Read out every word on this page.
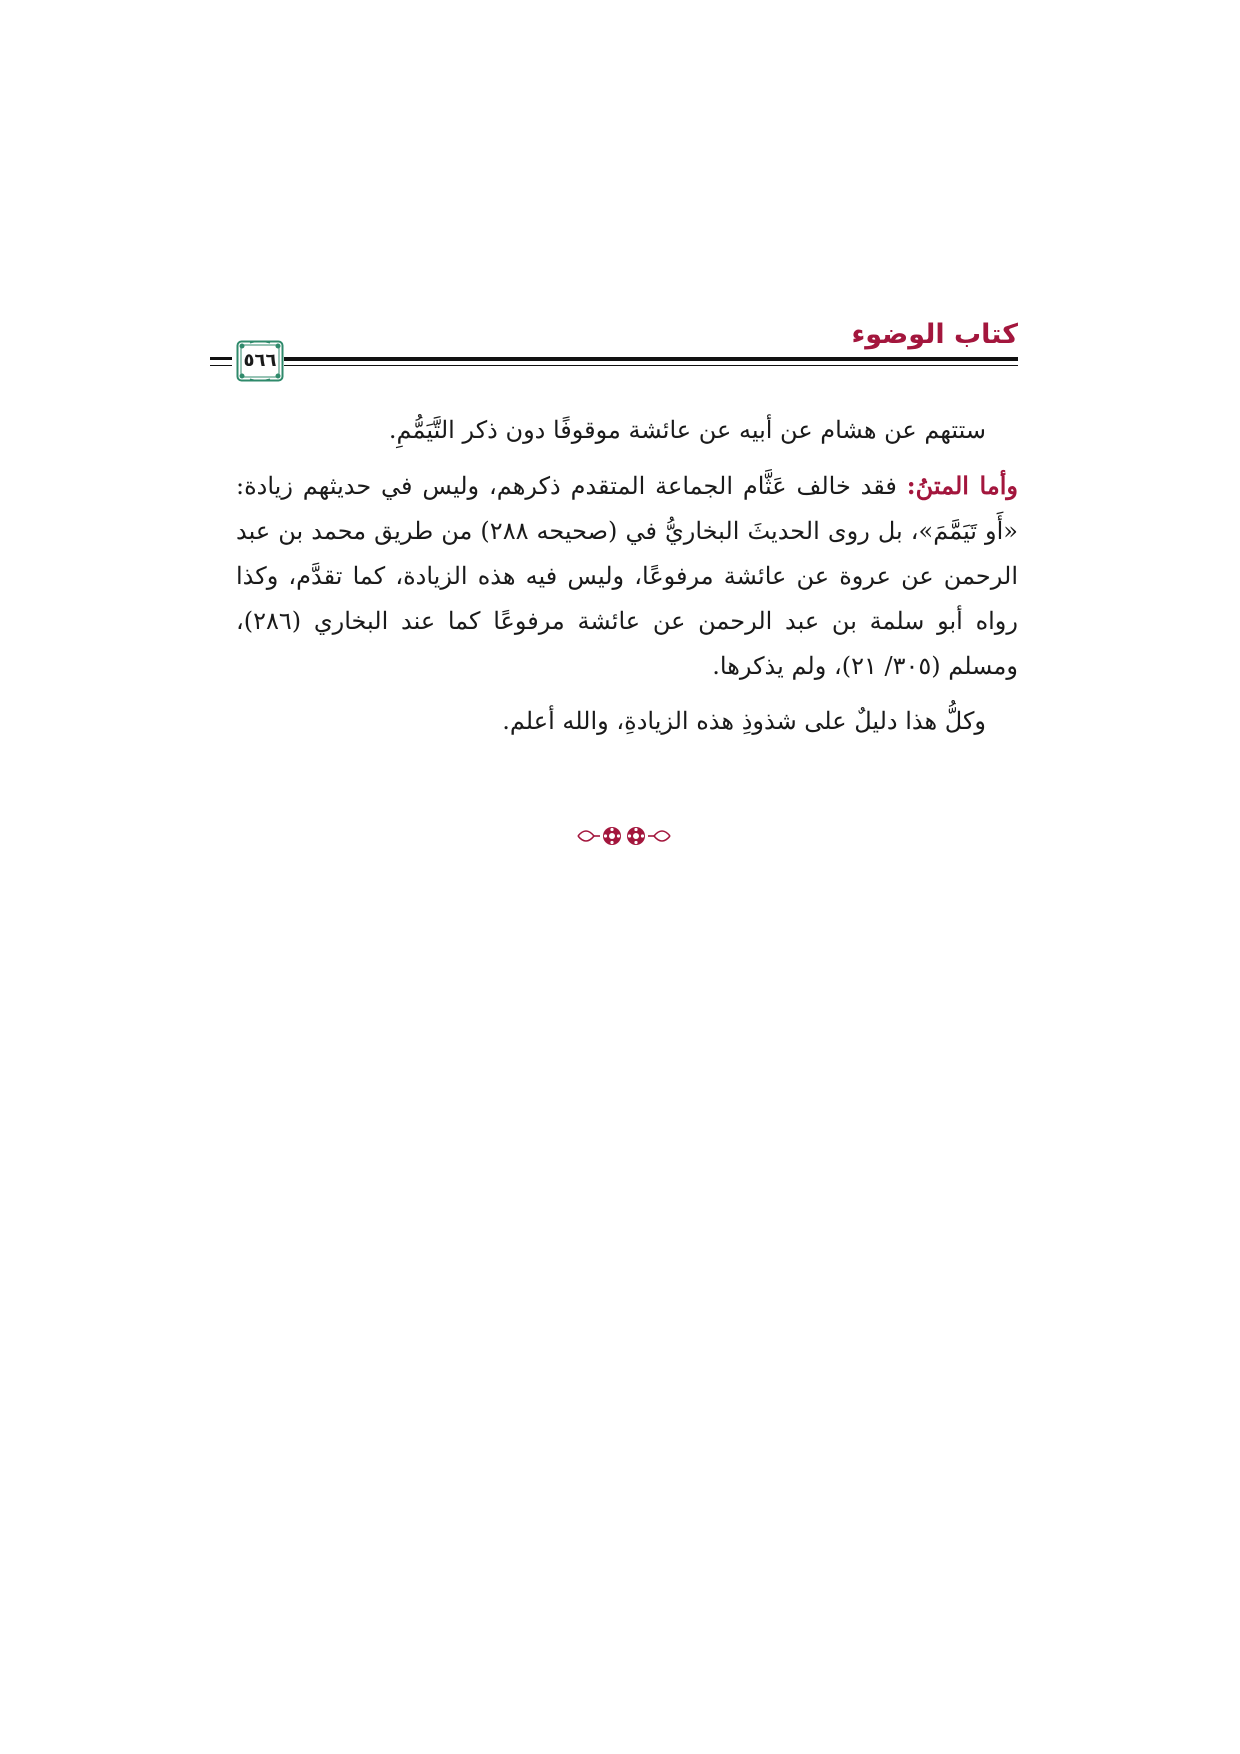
كتاب الوضوء
٥٦٦

ستتهم عن هشام عن أبيه عن عائشة موقوفًا دون ذكر التَّيَمُّمِ.

وأما المتنُ: فقد خالف عَثَّام الجماعة المتقدم ذكرهم، وليس في حديثهم زيادة: «أَو تَيَمَّمَ»، بل روى الحديثَ البخاريُّ في (صحيحه ٢٨٨) من طريق محمد بن عبد الرحمن عن عروة عن عائشة مرفوعًا، وليس فيه هذه الزيادة، كما تقدَّم، وكذا رواه أبو سلمة بن عبد الرحمن عن عائشة مرفوعًا كما عند البخاري (٢٨٦)، ومسلم (٣٠٥/ ٢١)، ولم يذكرها.

وكلُّ هذا دليلٌ على شذوذِ هذه الزيادةِ، والله أعلم.
